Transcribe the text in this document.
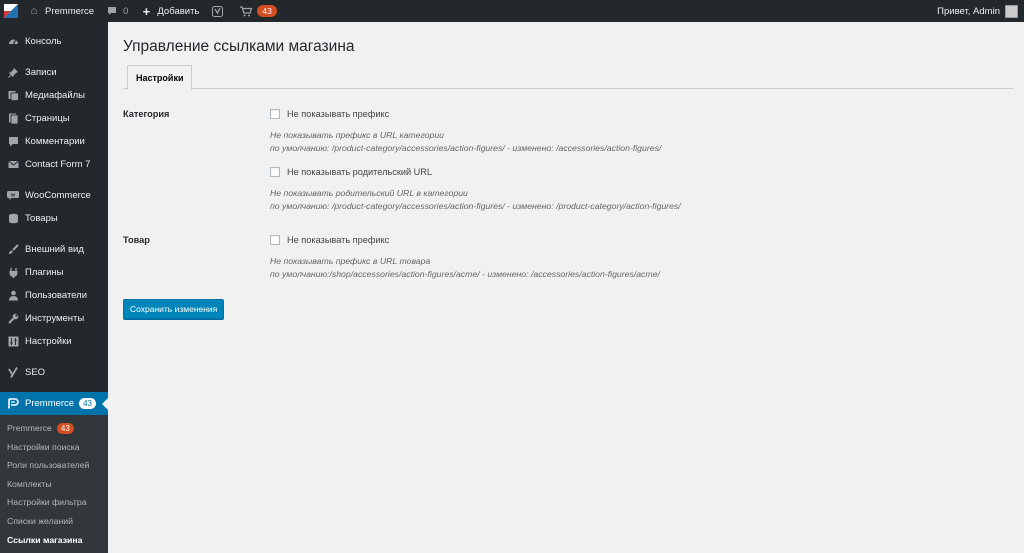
⌂ Premmerce	0 + Добавить	43	Привет, Admin
Консоль
Записи
Медиафайлы
Страницы
Комментарии
Contact Form 7
W WooCommerce
Товары
Внешний вид
Плагины
Пользователи
Инструменты
Настройки
SEO
Premmerce	43
Premmerce	43
Настройки поиска
Роли пользователей
Комплекты
Настройки фильтра
Списки желаний
Ссылки магазина
Управление ссылками магазина
Настройки
Категория	Не показывать префикс
Не показывать префикс в URL категории
по умолчанию: /product-category/accessories/action-figures/ - изменено: /accessories/action-figures/
Не показывать родительский URL
Не показывать родительский URL в категории
по умолчанию: /product-category/accessories/action-figures/ - изменено: /product-category/action-figures/
Товар	Не показывать префикс
Не показывать префикс в URL товара
по умолчанию:/shop/accessories/action-figures/acme/ - изменено: /accessories/action-figures/acme/
Сохранить изменения
